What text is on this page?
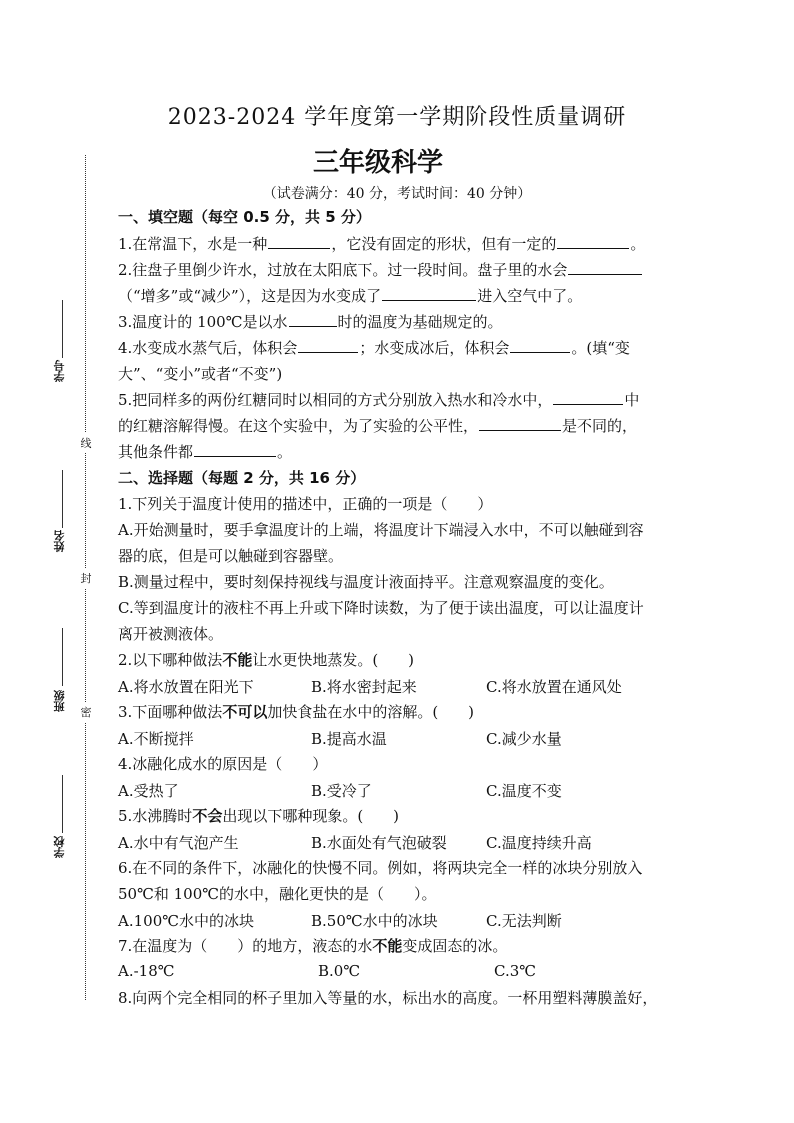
线
封
密
学号
姓名
班级
学校
2023-2024 学年度第一学期阶段性质量调研
三年级科学
（试卷满分：40 分，考试时间：40 分钟）
一、填空题（每空 0.5 分，共 5 分）
1.在常温下，水是一种	，它没有固定的形状，但有一定的	。
2.往盘子里倒少许水，过放在太阳底下。过一段时间。盘子里的水会
（“增多”或“减少”），这是因为水变成了	进入空气中了。
3.温度计的 100℃是以水	时的温度为基础规定的。
4.水变成水蒸气后，体积会	；水变成冰后，体积会	。(填“变
大”、“变小”或者“不变”)
5.把同样多的两份红糖同时以相同的方式分别放入热水和冷水中，	中
的红糖溶解得慢。在这个实验中，为了实验的公平性，	是不同的，
其他条件都	。
二、选择题（每题 2 分，共 16 分）
1.下列关于温度计使用的描述中，正确的一项是（　　）
A.开始测量时，要手拿温度计的上端，将温度计下端浸入水中，不可以触碰到容
器的底，但是可以触碰到容器壁。
B.测量过程中，要时刻保持视线与温度计液面持平。注意观察温度的变化。
C.等到温度计的液柱不再上升或下降时读数，为了便于读出温度，可以让温度计
离开被测液体。
2.以下哪种做法不能让水更快地蒸发。(　　)
A.将水放置在阳光下	B.将水密封起来	C.将水放置在通风处
3.下面哪种做法不可以加快食盐在水中的溶解。(　　)
A.不断搅拌	B.提高水温	C.减少水量
4.冰融化成水的原因是（　　）
A.受热了	B.受冷了	C.温度不变
5.水沸腾时不会出现以下哪种现象。(　　)
A.水中有气泡产生	B.水面处有气泡破裂	C.温度持续升高
6.在不同的条件下，冰融化的快慢不同。例如，将两块完全一样的冰块分别放入
50℃和 100℃的水中，融化更快的是（　　）。
A.100℃水中的冰块	B.50℃水中的冰块	C.无法判断
7.在温度为（　　）的地方，液态的水不能变成固态的冰。
A.-18℃	B.0℃	C.3℃
8.向两个完全相同的杯子里加入等量的水，标出水的高度。一杯用塑料薄膜盖好，
